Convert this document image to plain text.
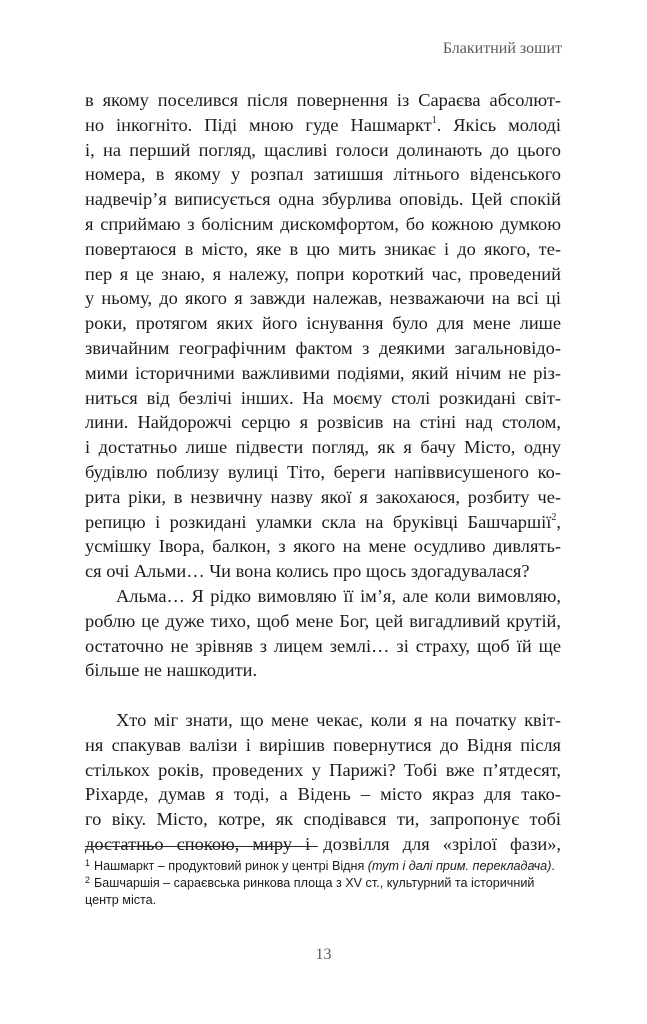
Блакитний зошит
в якому поселився після повернення із Сараєва абсолют-
но інкогніто. Піді мною гуде Нашмаркт$^1$. Якісь молоді
і, на перший погляд, щасливі голоси долинають до цього
номера, в якому у розпал затишшя літнього віденського
надвечір’я виписується одна збурлива оповідь. Цей спокій
я сприймаю з болісним дискомфортом, бо кожною думкою
повертаюся в місто, яке в цю мить зникає і до якого, те-
пер я це знаю, я належу, попри короткий час, проведений
у ньому, до якого я завжди належав, незважаючи на всі ці
роки, протягом яких його існування було для мене лише
звичайним географічним фактом з деякими загальновідо-
мими історичними важливими подіями, який нічим не різ-
ниться від безлічі інших. На моєму столі розкидані світ-
лини. Найдорожчі серцю я розвісив на стіні над столом,
і достатньо лише підвести погляд, як я бачу Місто, одну
будівлю поблизу вулиці Тіто, береги напіввисушеного ко-
рита ріки, в незвичну назву якої я закохаюся, розбиту че-
репицю і розкидані уламки скла на бруківці Башчаршії$^2$,
усмішку Івора, балкон, з якого на мене осудливо дивлять-
ся очі Альми… Чи вона колись про щось здогадувалася?
Альма… Я рідко вимовляю її ім’я, але коли вимовляю,
роблю це дуже тихо, щоб мене Бог, цей вигадливий крутій,
остаточно не зрівняв з лицем землі… зі страху, щоб їй ще
більше не нашкодити.
Хто міг знати, що мене чекає, коли я на початку квіт-
ня спакував валізи і вирішив повернутися до Відня після
стількох років, проведених у Парижі? Тобі вже п’ятдесят,
Ріхарде, думав я тоді, а Відень – місто якраз для тако-
го віку. Місто, котре, як сподівався ти, запропонує тобі
достатньо спокою, миру і дозвілля для «зрілої фази»,
$^1$ Нашмаркт – продуктовий ринок у центрі Відня (тут і далі прим. перекладача).
$^2$ Башчаршія – сараєвська ринкова площа з XV ст., культурний та історичний
центр міста.
13
